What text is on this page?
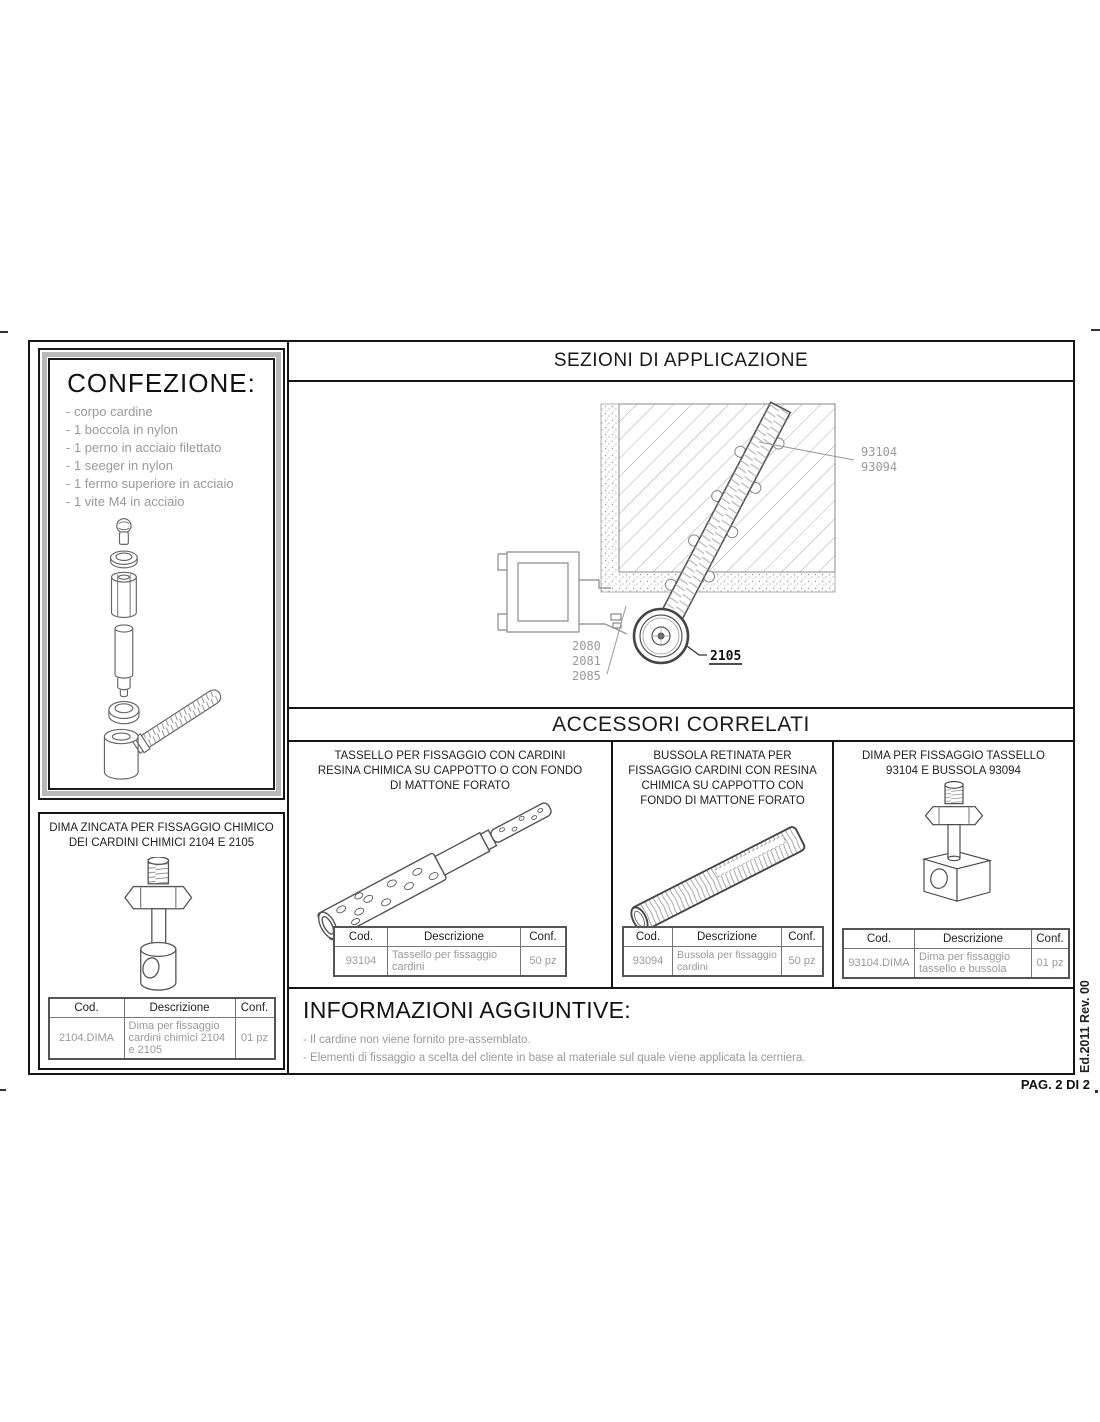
CONFEZIONE:
- corpo cardine
- 1 boccola in nylon
- 1 perno in acciaio filettato
- 1 seeger in nylon
- 1 fermo superiore in acciaio
- 1 vite M4 in acciaio
DIMA ZINCATA PER FISSAGGIO CHIMICO DEI CARDINI CHIMICI 2104 E 2105
Cod.	Descrizione	Conf.
2104.DIMA	Dima per fissaggio cardini chimici 2104 e 2105	01 pz
SEZIONI DI APPLICAZIONE
93104
93094
2080
2081
2085
2105
ACCESSORI CORRELATI
TASSELLO PER FISSAGGIO CON CARDINI RESINA CHIMICA SU CAPPOTTO O CON FONDO DI MATTONE FORATO
Cod.	Descrizione	Conf.
93104	Tassello per fissaggio cardini	50 pz
BUSSOLA RETINATA PER FISSAGGIO CARDINI CON RESINA CHIMICA SU CAPPOTTO CON FONDO DI MATTONE FORATO
Cod.	Descrizione	Conf.
93094	Bussola per fissaggio cardini	50 pz
DIMA PER FISSAGGIO TASSELLO 93104 E BUSSOLA 93094
Cod.	Descrizione	Conf.
93104.DIMA	Dima per fissaggio tassello e bussola	01 pz
INFORMAZIONI AGGIUNTIVE:
- Il cardine non viene fornito pre-assemblato.
- Elementi di fissaggio a scelta del cliente in base al materiale sul quale viene applicata la cerniera.	Ed.2011 Rev. 00
PAG. 2 DI 2
